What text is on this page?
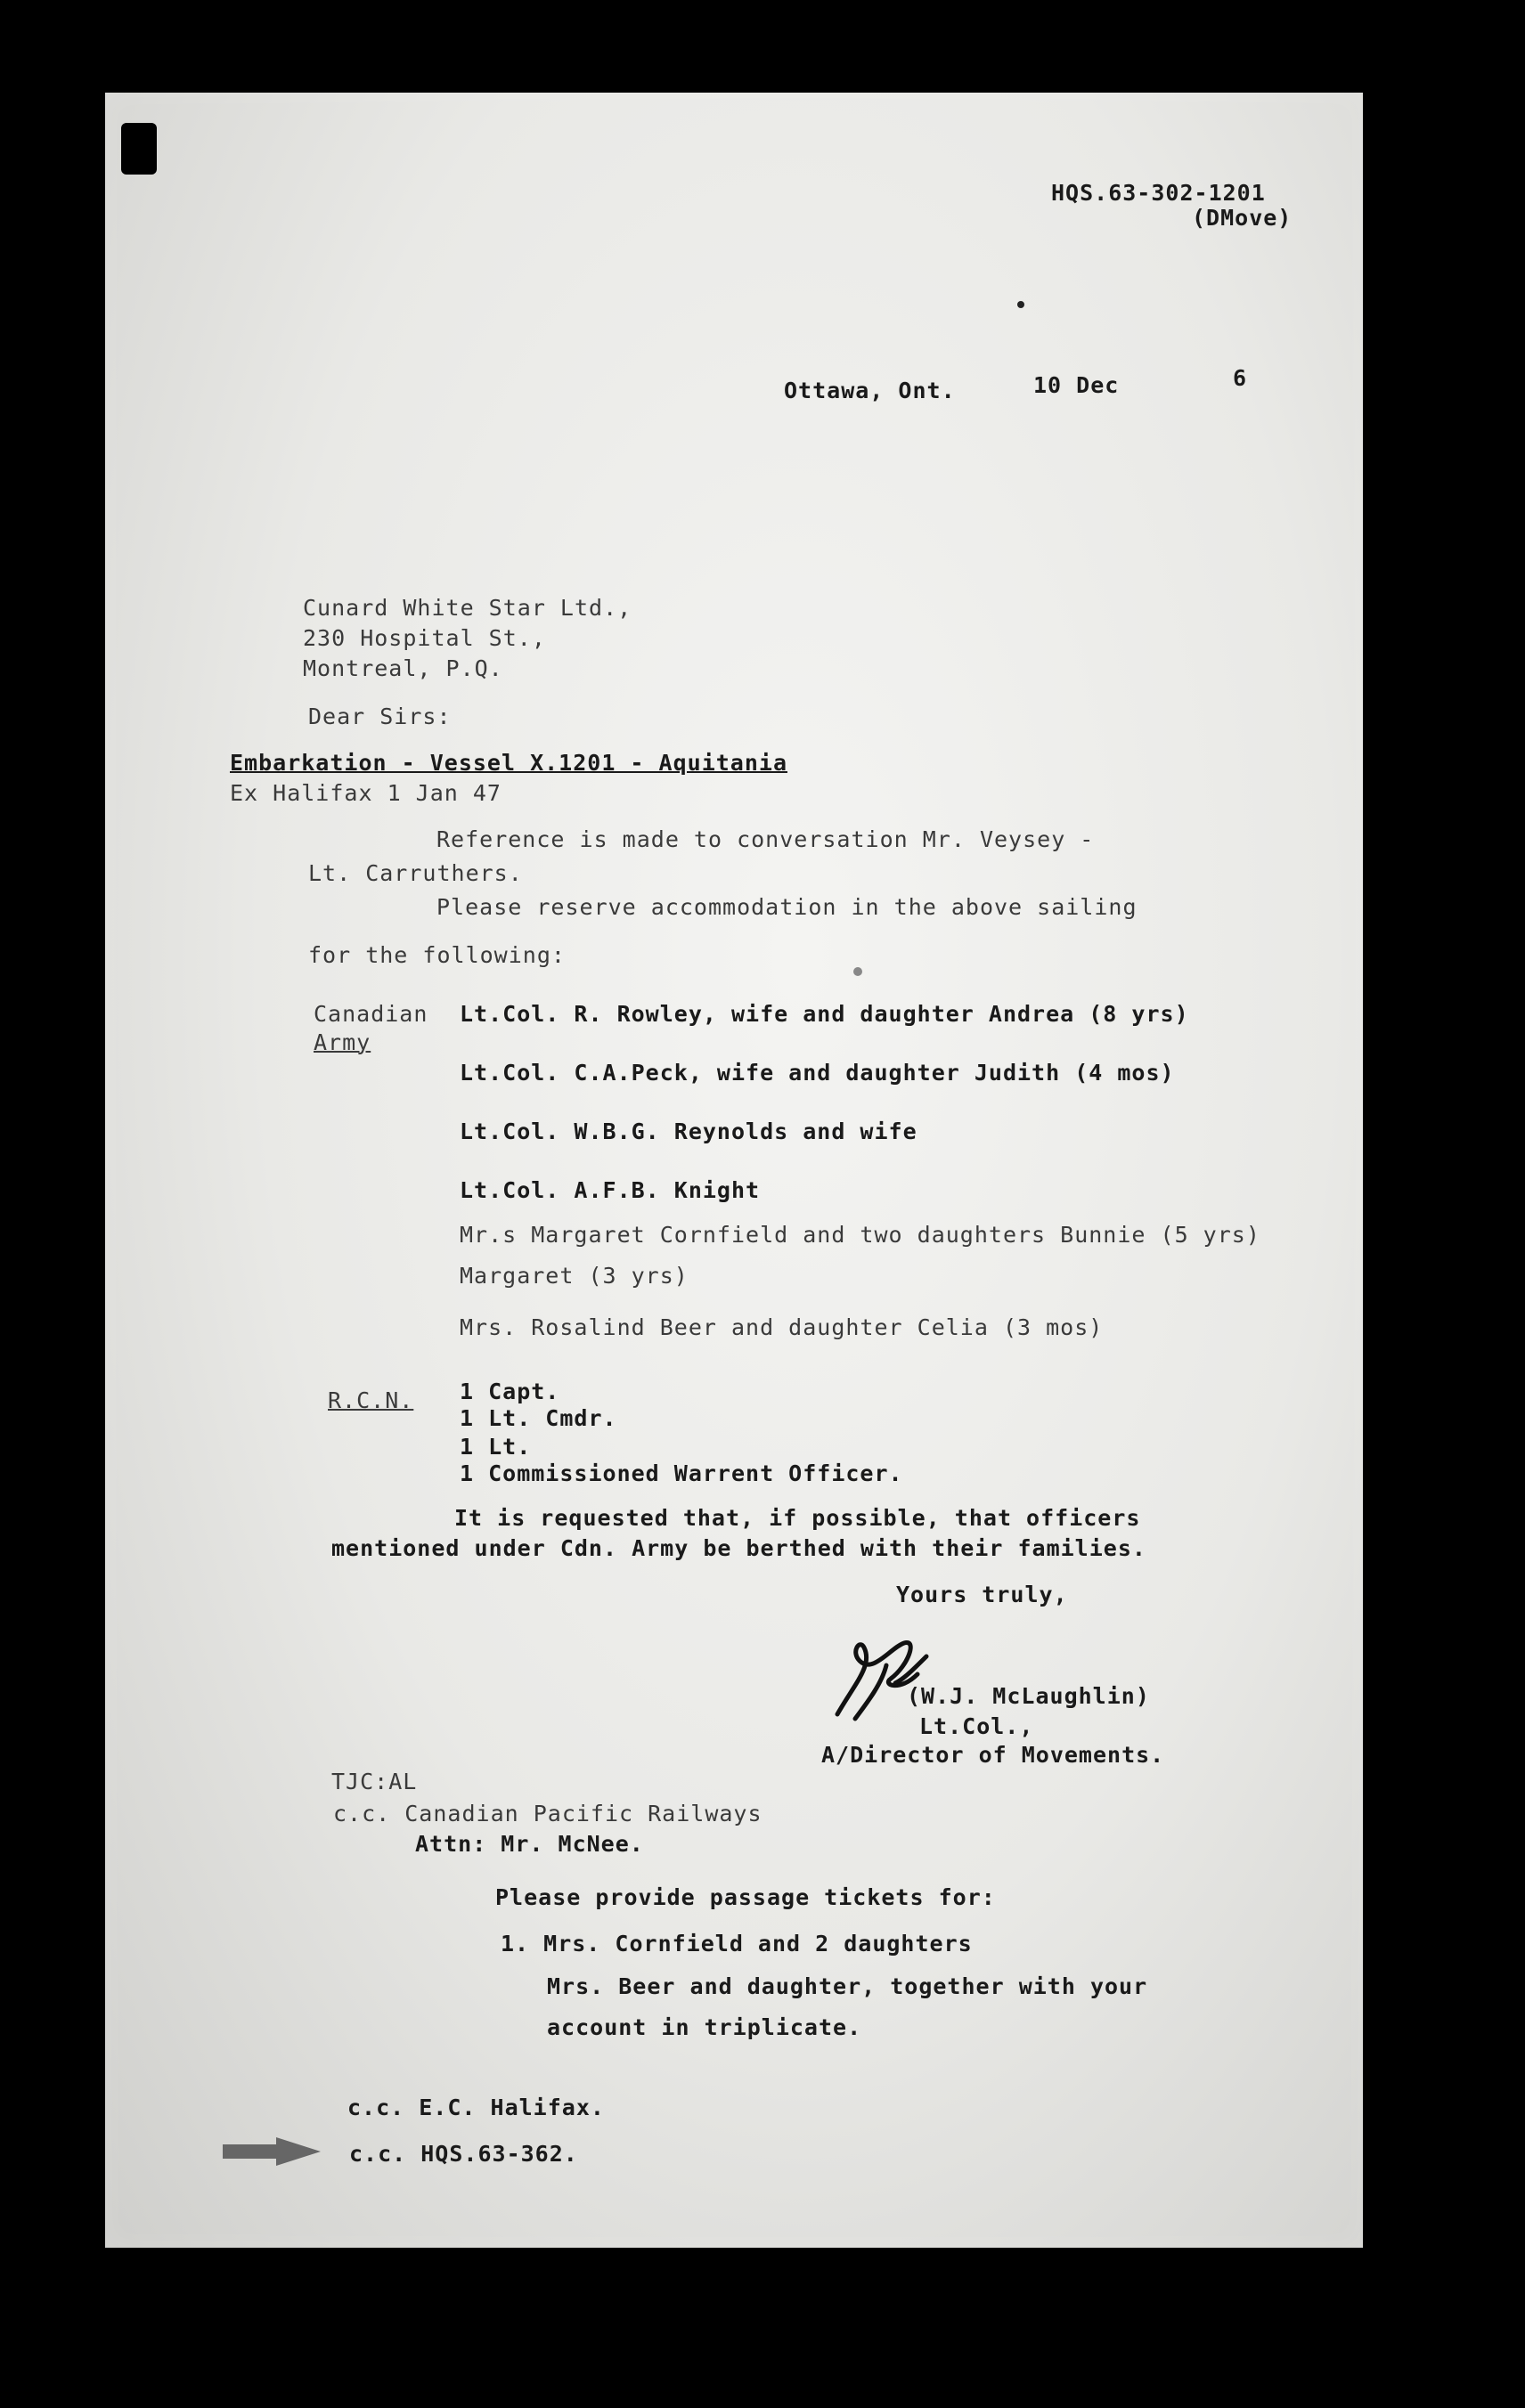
HQS.63-302-1201
(DMove)
Ottawa, Ont.	10 Dec	6
Cunard White Star Ltd.,
230 Hospital St.,
Montreal, P.Q.
Dear Sirs:
Embarkation - Vessel X.1201 - Aquitania
Ex Halifax 1 Jan 47
Reference is made to conversation Mr. Veysey -
Lt. Carruthers.
Please reserve accommodation in the above sailing
for the following:
Canadian
Army
Lt.Col. R. Rowley, wife and daughter Andrea (8 yrs)
Lt.Col. C.A.Peck, wife and daughter Judith (4 mos)
Lt.Col. W.B.G. Reynolds and wife
Lt.Col. A.F.B. Knight
Mr.s Margaret Cornfield and two daughters Bunnie (5 yrs)
Margaret (3 yrs)
Mrs. Rosalind Beer and daughter Celia (3 mos)
R.C.N. 1 Capt.
1 Lt. Cmdr.
1 Lt.
1 Commissioned Warrent Officer.
It is requested that, if possible, that officers
mentioned under Cdn. Army be berthed with their families.
Yours truly,
(W.J. McLaughlin)
Lt.Col.,
A/Director of Movements.
TJC:AL
c.c. Canadian Pacific Railways
Attn: Mr. McNee.
Please provide passage tickets for:
1. Mrs. Cornfield and 2 daughters
Mrs. Beer and daughter, together with your
account in triplicate.
c.c. E.C. Halifax.
c.c. HQS.63-362.
